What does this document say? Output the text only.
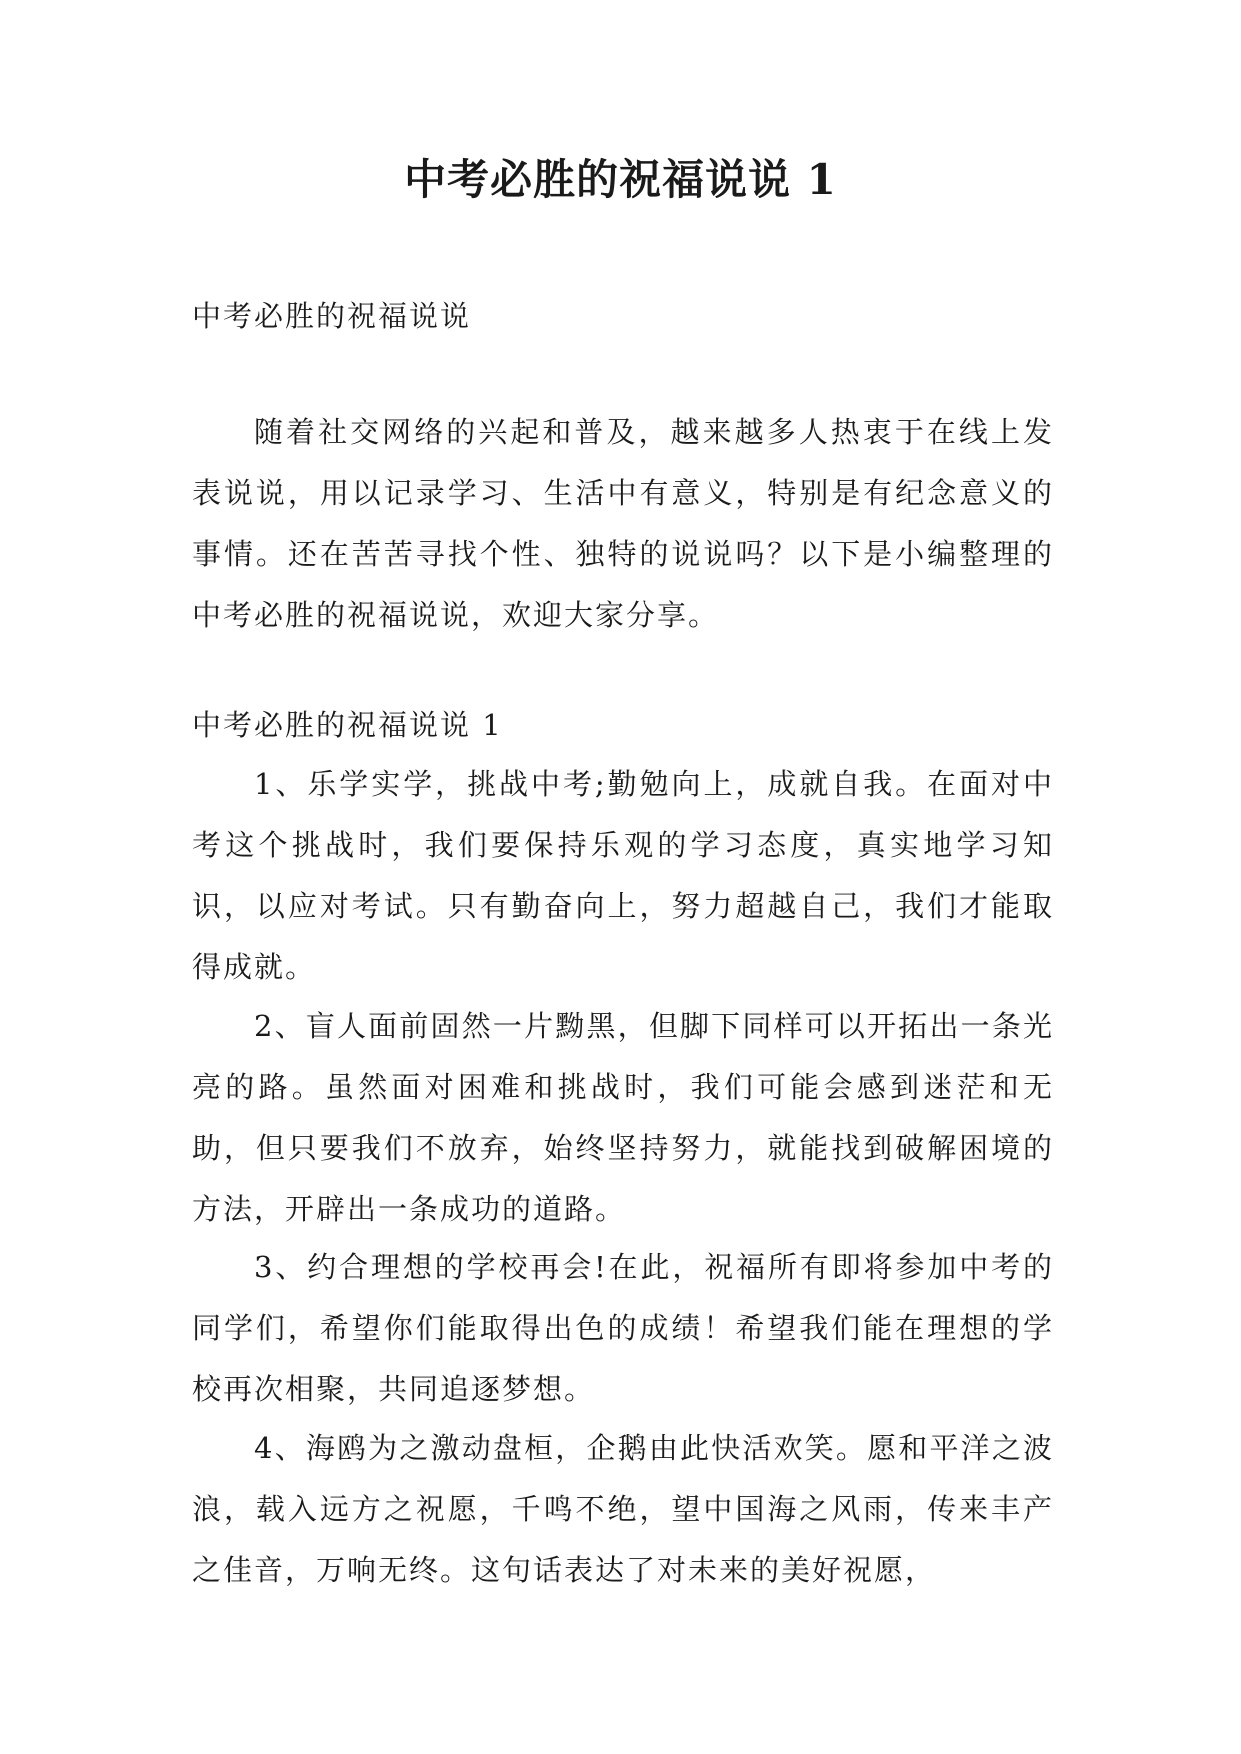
中考必胜的祝福说说 1
中考必胜的祝福说说
随着社交网络的兴起和普及，越来越多人热衷于在线上发表说说，用以记录学习、生活中有意义，特别是有纪念意义的事情。还在苦苦寻找个性、独特的说说吗？以下是小编整理的中考必胜的祝福说说，欢迎大家分享。
中考必胜的祝福说说 1
1、乐学实学，挑战中考;勤勉向上，成就自我。在面对中考这个挑战时，我们要保持乐观的学习态度，真实地学习知识，以应对考试。只有勤奋向上，努力超越自己，我们才能取得成就。
2、盲人面前固然一片黝黑，但脚下同样可以开拓出一条光亮的路。虽然面对困难和挑战时，我们可能会感到迷茫和无助，但只要我们不放弃，始终坚持努力，就能找到破解困境的方法，开辟出一条成功的道路。
3、约合理想的学校再会!在此，祝福所有即将参加中考的同学们，希望你们能取得出色的成绩！希望我们能在理想的学校再次相聚，共同追逐梦想。
4、海鸥为之激动盘桓，企鹅由此快活欢笑。愿和平洋之波浪，载入远方之祝愿，千鸣不绝，望中国海之风雨，传来丰产之佳音，万响无终。这句话表达了对未来的美好祝愿，
